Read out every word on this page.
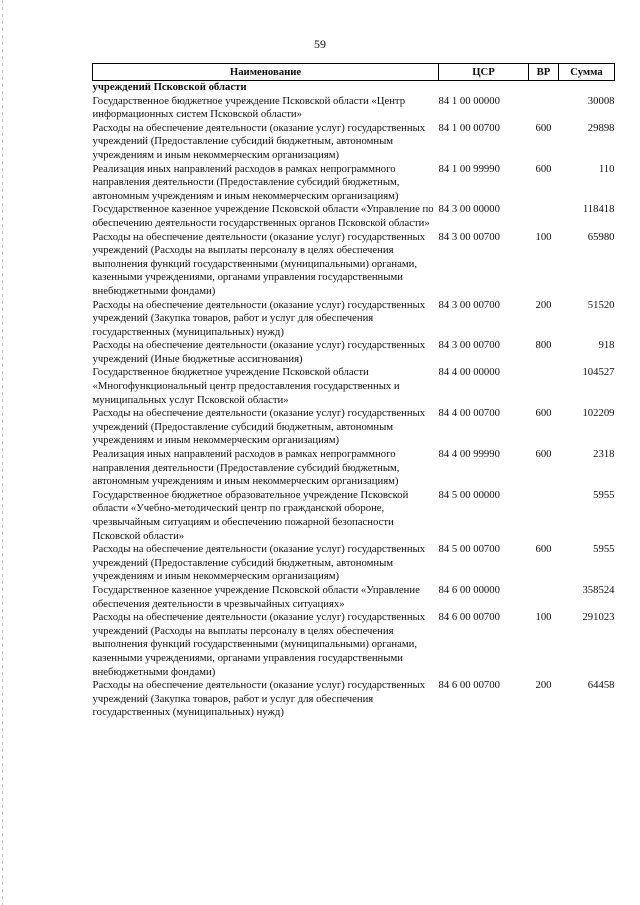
59
Наименование	ЦСР	ВР	Сумма
учреждений Псковской области			
Государственное бюджетное учреждение Псковской области «Центр информационных систем Псковской области»	84 1 00 00000		30008
Расходы на обеспечение деятельности (оказание услуг) государственных учреждений (Предоставление субсидий бюджетным, автономным учреждениям и иным некоммерческим организациям)	84 1 00 00700	600	29898
Реализация иных направлений расходов в рамках непрограммного направления деятельности (Предоставление субсидий бюджетным, автономным учреждениям и иным некоммерческим организациям)	84 1 00 99990	600	110
Государственное казенное учреждение Псковской области «Управление по обеспечению деятельности государственных органов Псковской области»	84 3 00 00000		118418
Расходы на обеспечение деятельности (оказание услуг) государственных учреждений (Расходы на выплаты персоналу в целях обеспечения выполнения функций государственными (муниципальными) органами, казенными учреждениями, органами управления государственными внебюджетными фондами)	84 3 00 00700	100	65980
Расходы на обеспечение деятельности (оказание услуг) государственных учреждений (Закупка товаров, работ и услуг для обеспечения государственных (муниципальных) нужд)	84 3 00 00700	200	51520
Расходы на обеспечение деятельности (оказание услуг) государственных учреждений (Иные бюджетные ассигнования)	84 3 00 00700	800	918
Государственное бюджетное учреждение Псковской области «Многофункциональный центр предоставления государственных и муниципальных услуг Псковской области»	84 4 00 00000		104527
Расходы на обеспечение деятельности (оказание услуг) государственных учреждений (Предоставление субсидий бюджетным, автономным учреждениям и иным некоммерческим организациям)	84 4 00 00700	600	102209
Реализация иных направлений расходов в рамках непрограммного направления деятельности (Предоставление субсидий бюджетным, автономным учреждениям и иным некоммерческим организациям)	84 4 00 99990	600	2318
Государственное бюджетное образовательное учреждение Псковской области «Учебно-методический центр по гражданской обороне, чрезвычайным ситуациям и обеспечению пожарной безопасности Псковской области»	84 5 00 00000		5955
Расходы на обеспечение деятельности (оказание услуг) государственных учреждений (Предоставление субсидий бюджетным, автономным учреждениям и иным некоммерческим организациям)	84 5 00 00700	600	5955
Государственное казенное учреждение Псковской области «Управление обеспечения деятельности в чрезвычайных ситуациях»	84 6 00 00000		358524
Расходы на обеспечение деятельности (оказание услуг) государственных учреждений (Расходы на выплаты персоналу в целях обеспечения выполнения функций государственными (муниципальными) органами, казенными учреждениями, органами управления государственными внебюджетными фондами)	84 6 00 00700	100	291023
Расходы на обеспечение деятельности (оказание услуг) государственных учреждений (Закупка товаров, работ и услуг для обеспечения государственных (муниципальных) нужд)	84 6 00 00700	200	64458
